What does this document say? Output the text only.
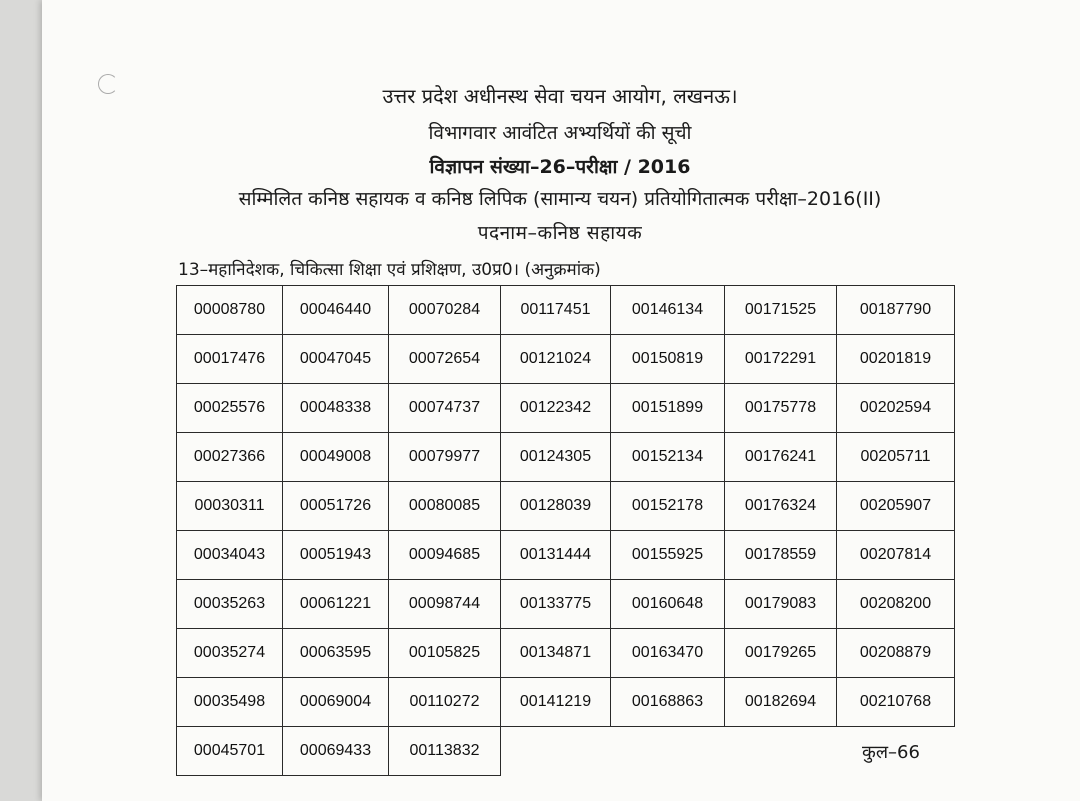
उत्तर प्रदेश अधीनस्थ सेवा चयन आयोग, लखनऊ।

विभागवार आवंटित अभ्यर्थियों की सूची

विज्ञापन संख्या–26–परीक्षा / 2016

सम्मिलित कनिष्ठ सहायक व कनिष्ठ लिपिक (सामान्य चयन) प्रतियोगितात्मक परीक्षा–2016(II)

पदनाम–कनिष्ठ सहायक

13–महानिदेशक, चिकित्सा शिक्षा एवं प्रशिक्षण, उ0प्र0। (अनुक्रमांक)
00008780	00046440	00070284	00117451	00146134	00171525	00187790
00017476	00047045	00072654	00121024	00150819	00172291	00201819
00025576	00048338	00074737	00122342	00151899	00175778	00202594
00027366	00049008	00079977	00124305	00152134	00176241	00205711
00030311	00051726	00080085	00128039	00152178	00176324	00205907
00034043	00051943	00094685	00131444	00155925	00178559	00207814
00035263	00061221	00098744	00133775	00160648	00179083	00208200
00035274	00063595	00105825	00134871	00163470	00179265	00208879
00035498	00069004	00110272	00141219	00168863	00182694	00210768
00045701	00069433	00113832					कुल–66
